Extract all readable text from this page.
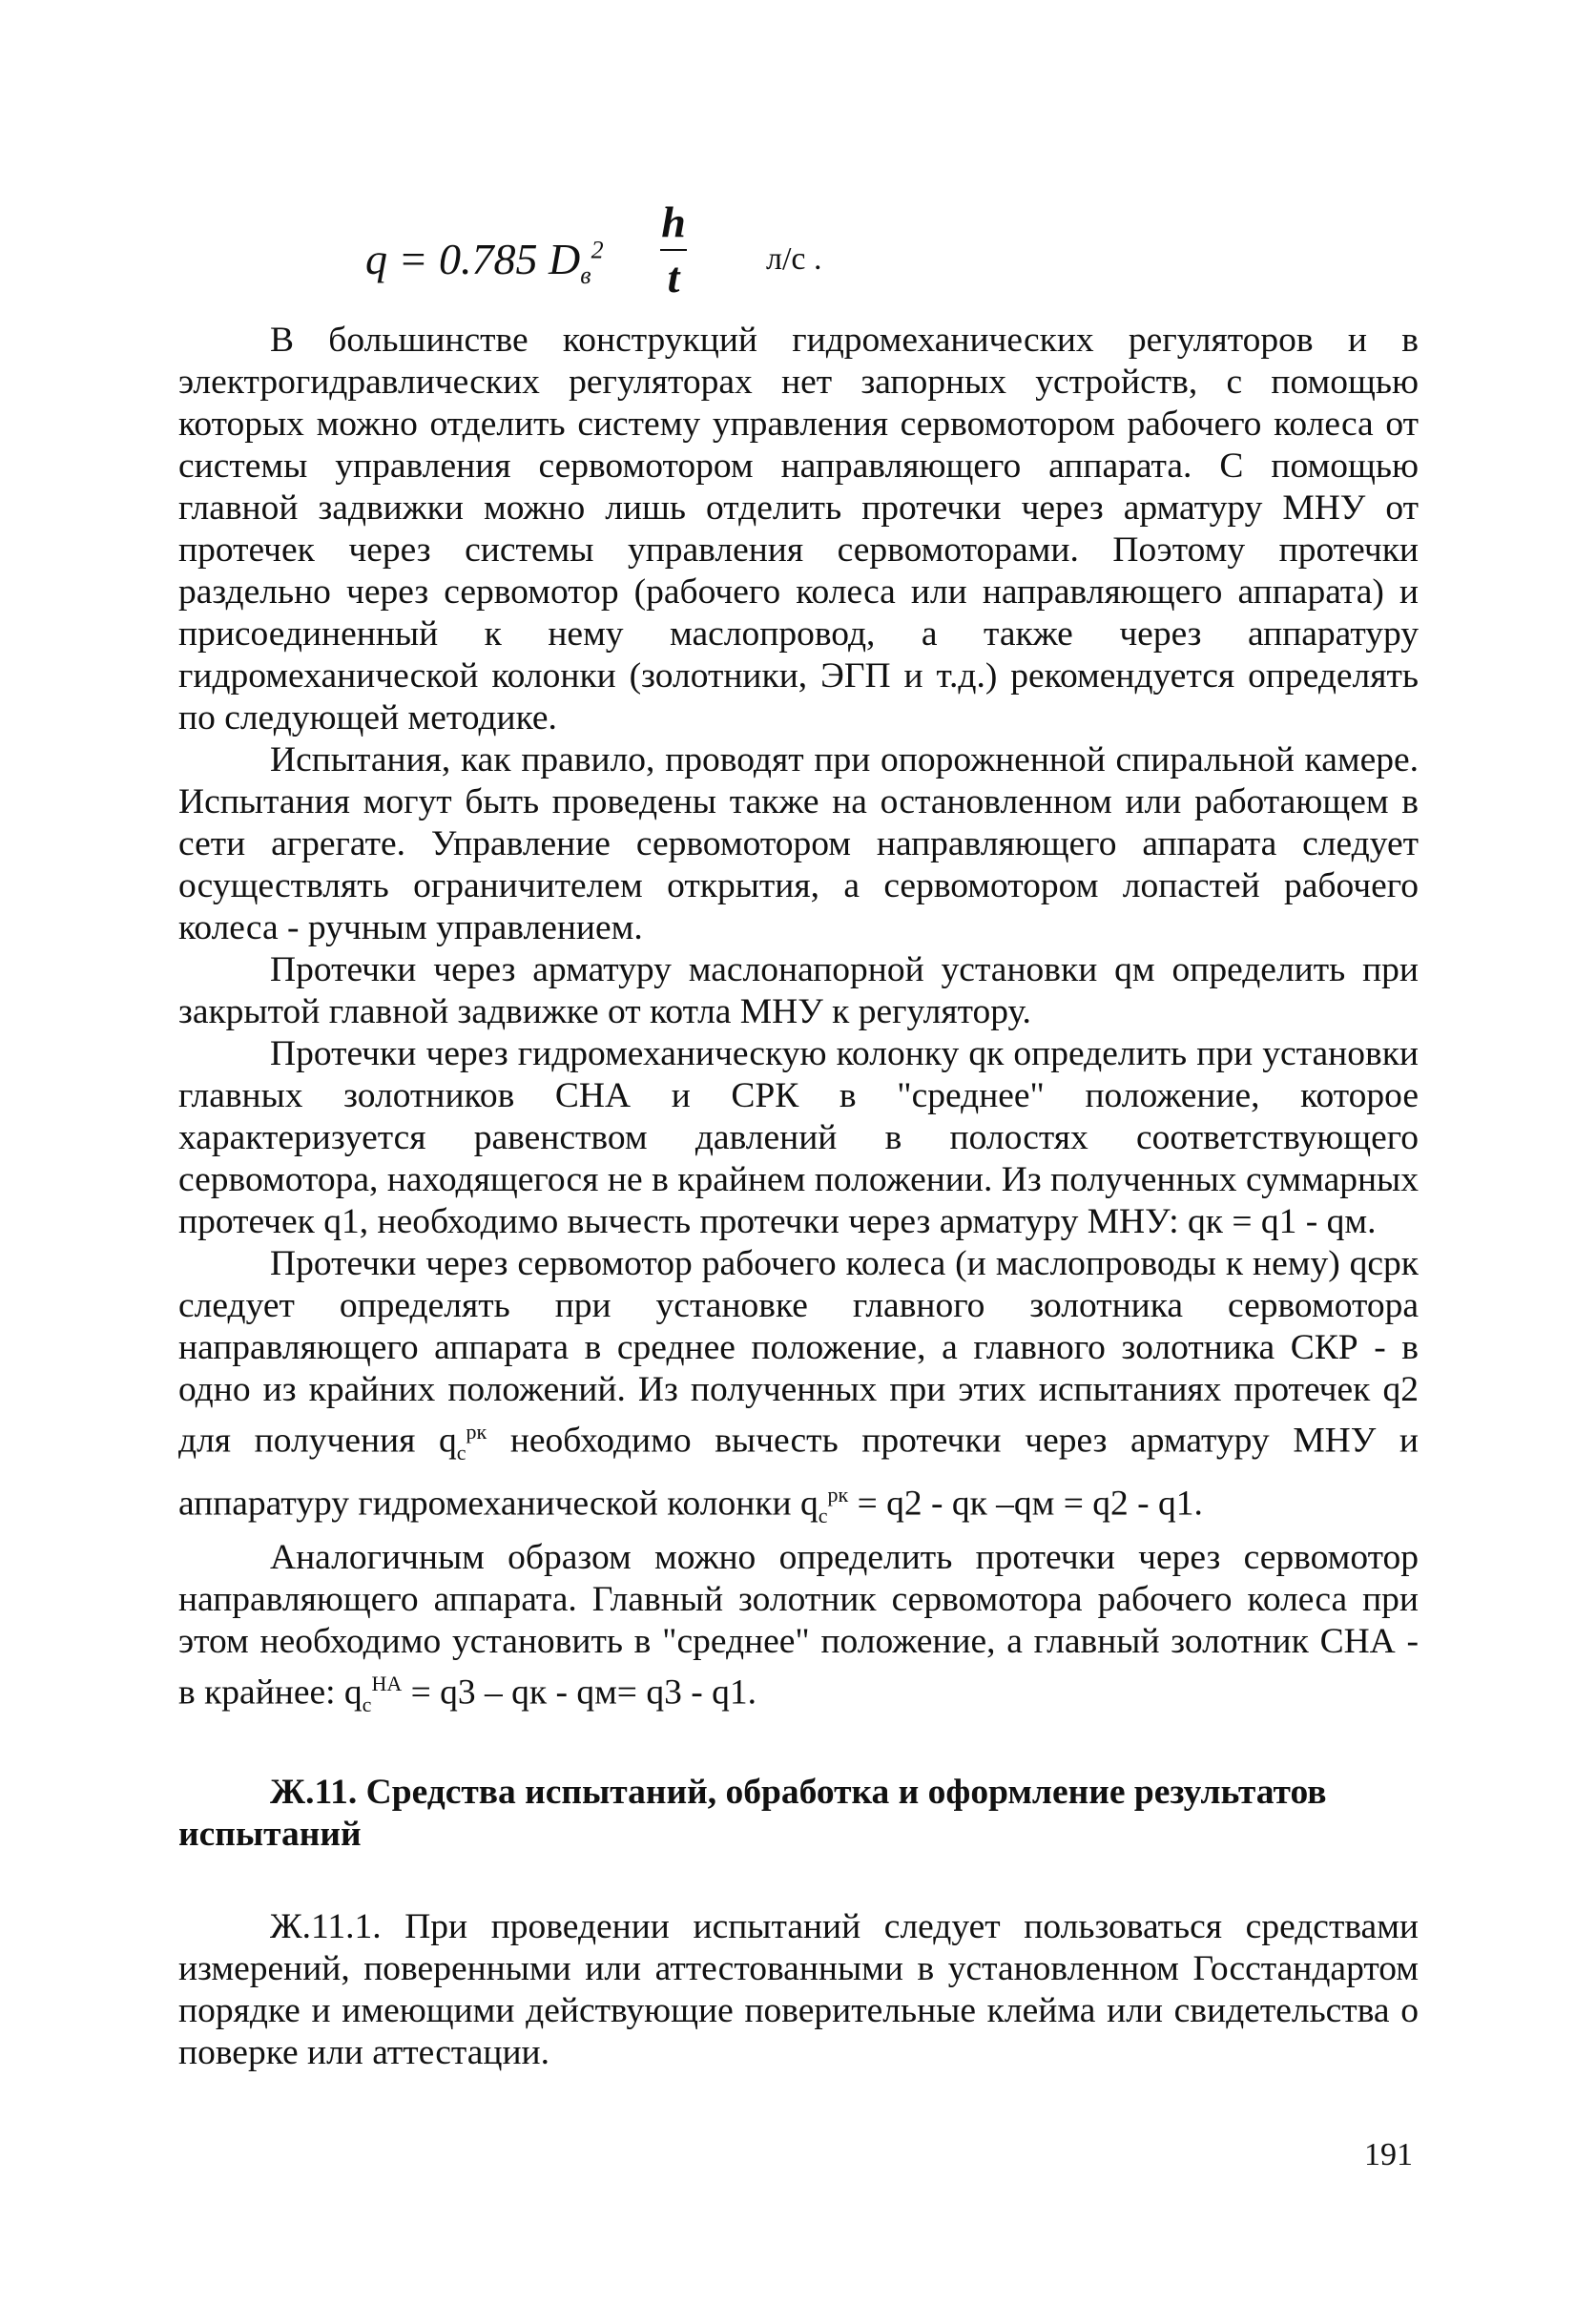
q = 0.785 $D_в^2$
h
t	л/с .

В большинстве конструкций гидромеханических регуляторов и в электрогидравлических регуляторах нет запорных устройств, с помощью которых можно отделить систему управления сервомотором рабочего колеса от системы управления сервомотором направляющего аппарата. С помощью главной задвижки можно лишь отделить протечки через арматуру МНУ от протечек через системы управления сервомоторами. Поэтому протечки раздельно через сервомотор (рабочего колеса или направляющего аппарата) и присоединенный к нему маслопровод, а также через аппаратуру гидромеханической колонки (золотники, ЭГП и т.д.) рекомендуется определять по следующей методике.

Испытания, как правило, проводят при опорожненной спиральной камере. Испытания могут быть проведены также на остановленном или работающем в сети агрегате. Управление сервомотором направляющего аппарата следует осуществлять ограничителем открытия, а сервомотором лопастей рабочего колеса - ручным управлением.

Протечки через арматуру маслонапорной установки qм определить при закрытой главной задвижке от котла МНУ к регулятору.

Протечки через гидромеханическую колонку qк определить при установки главных золотников СНА и СРК в "среднее" положение, которое характеризуется равенством давлений в полостях соответствующего сервомотора, находящегося не в крайнем положении. Из полученных суммарных протечек q1, необходимо вычесть протечки через арматуру МНУ: qк = q1 - qм.

Протечки через сервомотор рабочего колеса (и маслопроводы к нему) qсрк следует определять при установке главного золотника сервомотора направляющего аппарата в среднее положение, а главного золотника СКР - в одно из крайних положений. Из полученных при этих испытаниях протечек q2 для получения $q_c^{рк}$ необходимо вычесть протечки через арматуру МНУ и аппаратуру гидромеханической колонки $q_c^{рк} = q2$ - qк –qм = q2 - q1.

Аналогичным образом можно определить протечки через сервомотор направляющего аппарата. Главный золотник сервомотора рабочего колеса при этом необходимо установить в "среднее" положение, а главный золотник СНА - в крайнее: $q_c^{НА} = q3$ – qк - qм= q3 - q1.

Ж.11. Средства испытаний, обработка и оформление результатов испытаний
Ж.11.1. При проведении испытаний следует пользоваться средствами измерений, поверенными или аттестованными в установленном Госстандартом порядке и имеющими действующие поверительные клейма или свидетельства о поверке или аттестации.
191
